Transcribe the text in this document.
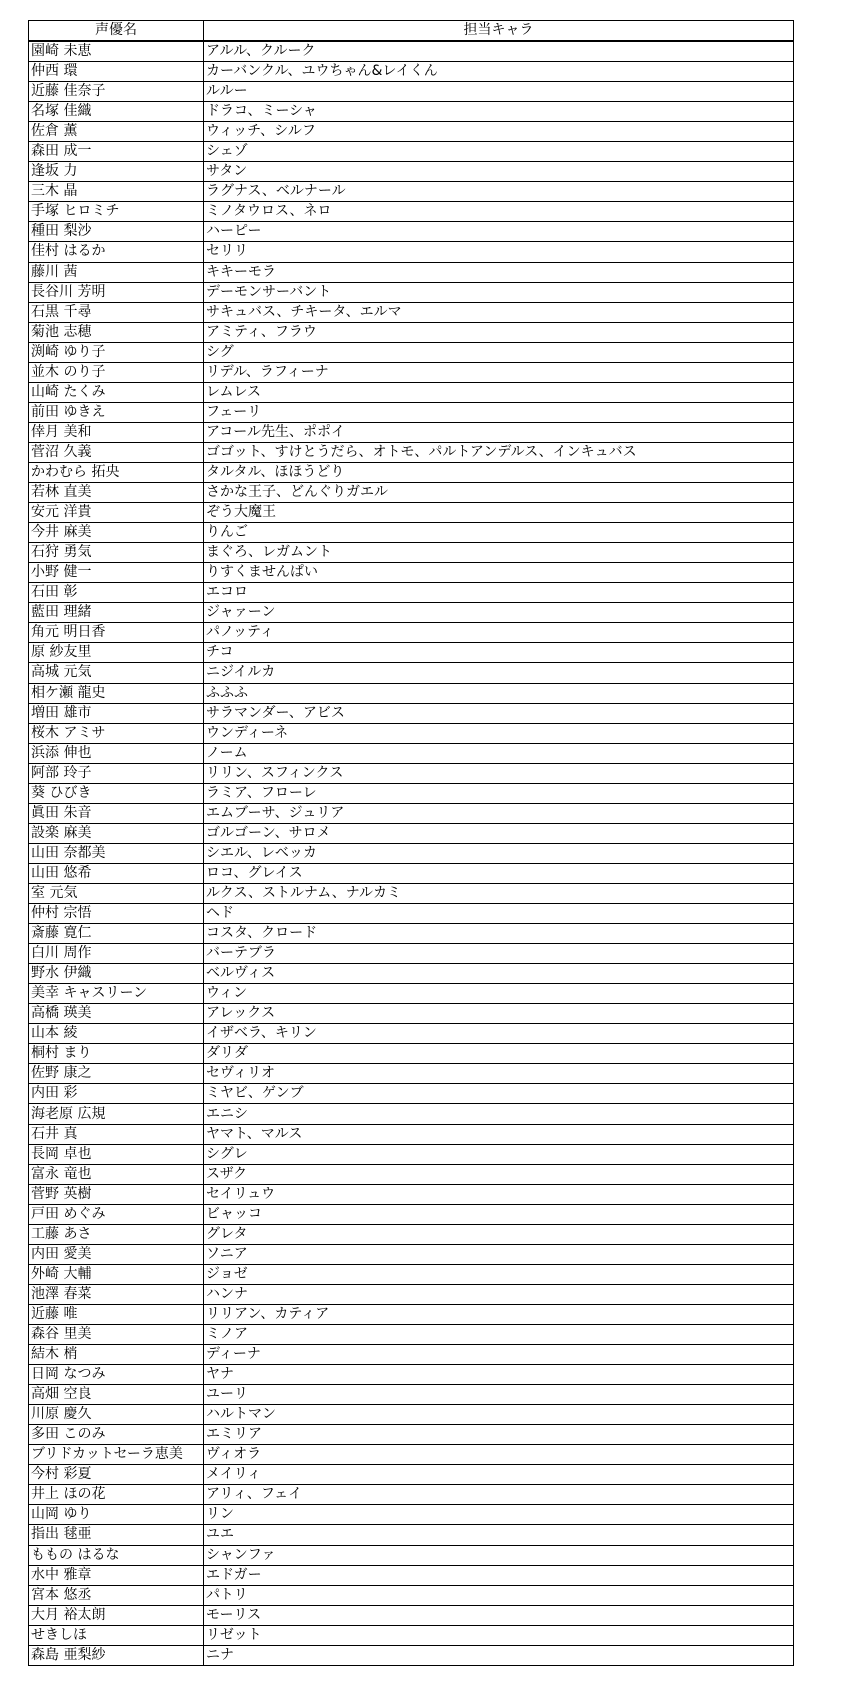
声優名	担当キャラ
園崎 未恵	アルル、クルーク
仲西 環	カーバンクル、ユウちゃん&レイくん
近藤 佳奈子	ルルー
名塚 佳織	ドラコ、ミーシャ
佐倉 薫	ウィッチ、シルフ
森田 成一	シェゾ
逢坂 力	サタン
三木 晶	ラグナス、ベルナール
手塚 ヒロミチ	ミノタウロス、ネロ
種田 梨沙	ハーピー
佳村 はるか	セリリ
藤川 茜	キキーモラ
長谷川 芳明	デーモンサーバント
石黒 千尋	サキュバス、チキータ、エルマ
菊池 志穂	アミティ、フラウ
渕崎 ゆり子	シグ
並木 のり子	リデル、ラフィーナ
山崎 たくみ	レムレス
前田 ゆきえ	フェーリ
倖月 美和	アコール先生、ポポイ
菅沼 久義	ゴゴット、すけとうだら、オトモ、パルトアンデルス、インキュバス
かわむら 拓央	タルタル、ほほうどり
若林 直美	さかな王子、どんぐりガエル
安元 洋貴	ぞう大魔王
今井 麻美	りんご
石狩 勇気	まぐろ、レガムント
小野 健一	りすくませんぱい
石田 彰	エコロ
藍田 理緒	ジャァーン
角元 明日香	パノッティ
原 紗友里	チコ
高城 元気	ニジイルカ
相ケ瀬 龍史	ふふふ
増田 雄市	サラマンダー、アビス
桜木 アミサ	ウンディーネ
浜添 伸也	ノーム
阿部 玲子	リリン、スフィンクス
葵 ひびき	ラミア、フローレ
眞田 朱音	エムブーサ、ジュリア
設楽 麻美	ゴルゴーン、サロメ
山田 奈都美	シエル、レベッカ
山田 悠希	ロコ、グレイス
室 元気	ルクス、ストルナム、ナルカミ
仲村 宗悟	ヘド
斎藤 寛仁	コスタ、クロード
白川 周作	バーテブラ
野水 伊織	ベルヴィス
美幸 キャスリーン	ウィン
高橋 瑛美	アレックス
山本 綾	イザベラ、キリン
桐村 まり	ダリダ
佐野 康之	セヴィリオ
内田 彩	ミヤビ、ゲンブ
海老原 広規	エニシ
石井 真	ヤマト、マルス
長岡 卓也	シグレ
富永 竜也	スザク
菅野 英樹	セイリュウ
戸田 めぐみ	ビャッコ
工藤 あさ	グレタ
内田 愛美	ソニア
外崎 大輔	ジョゼ
池澤 春菜	ハンナ
近藤 唯	リリアン、カティア
森谷 里美	ミノア
結木 梢	ディーナ
日岡 なつみ	ヤナ
高畑 空良	ユーリ
川原 慶久	ハルトマン
多田 このみ	エミリア
ブリドカットセーラ恵美	ヴィオラ
今村 彩夏	メイリィ
井上 ほの花	アリィ、フェイ
山岡 ゆり	リン
指出 毬亜	ユエ
ももの はるな	シャンファ
水中 雅章	エドガー
宮本 悠丞	パトリ
大月 裕太朗	モーリス
せきしほ	リゼット
森島 亜梨紗	ニナ
